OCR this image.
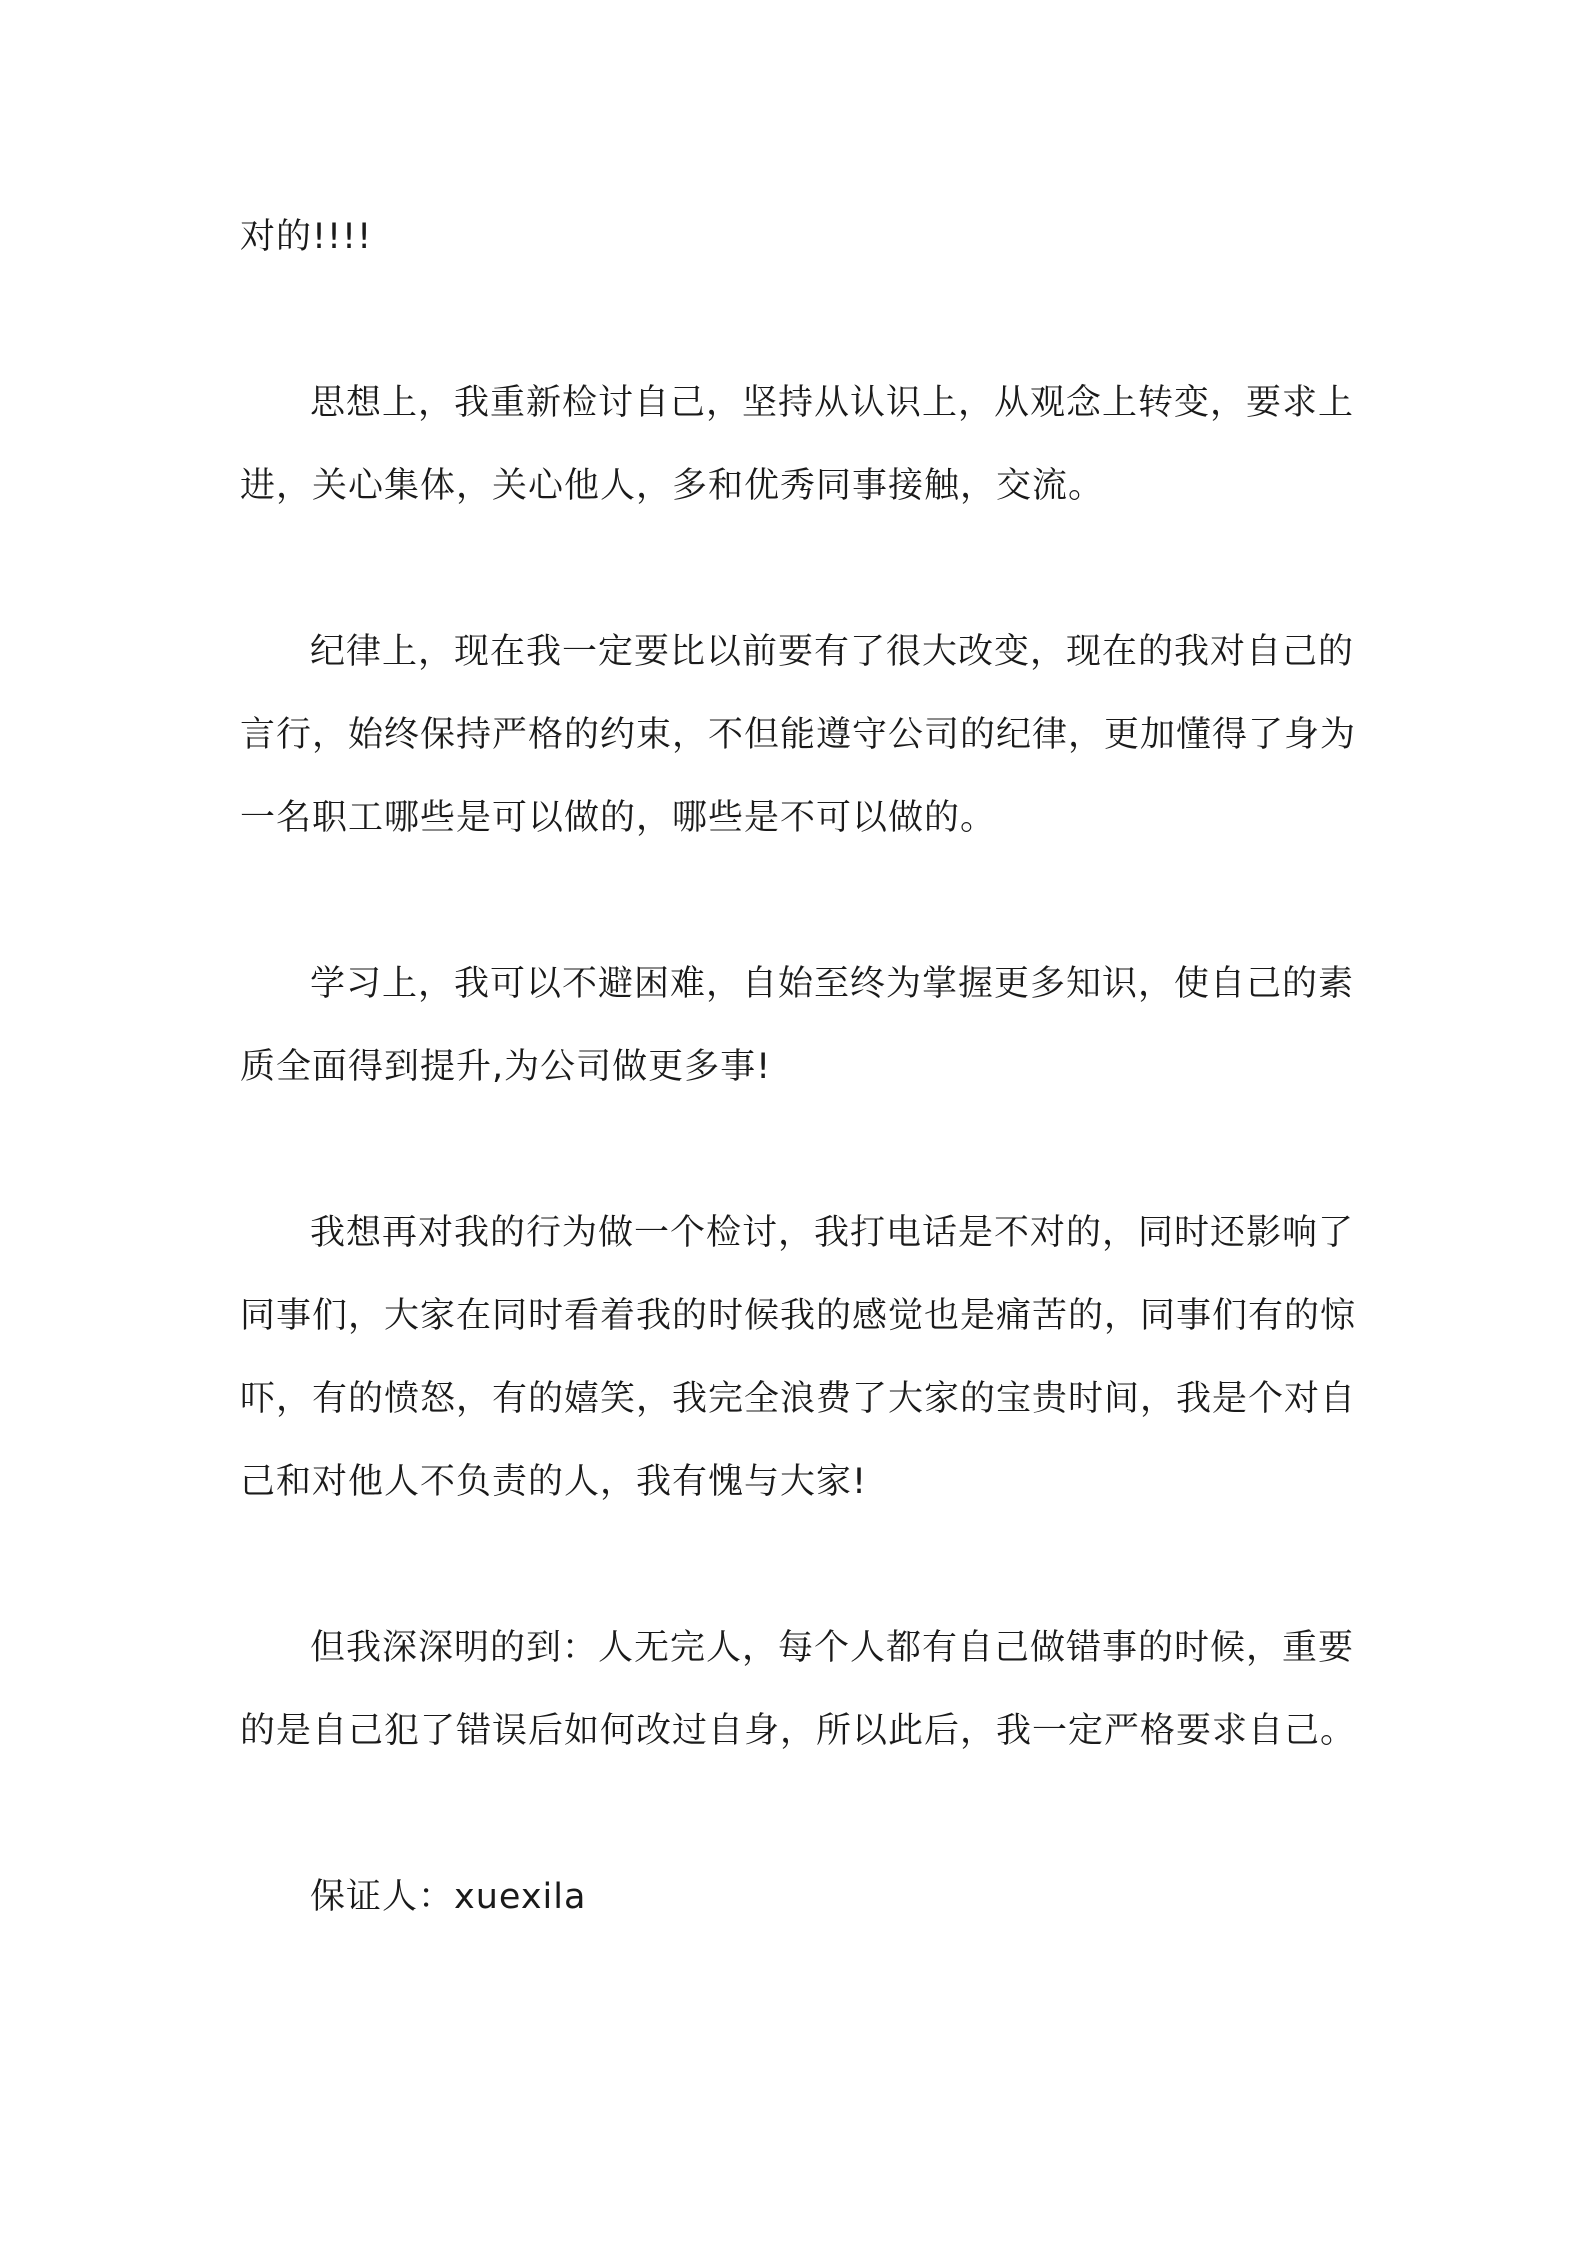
对的!!!!

思想上，我重新检讨自己，坚持从认识上，从观念上转变，要求上进，关心集体，关心他人，多和优秀同事接触，交流。

纪律上，现在我一定要比以前要有了很大改变，现在的我对自己的言行，始终保持严格的约束，不但能遵守公司的纪律，更加懂得了身为一名职工哪些是可以做的，哪些是不可以做的。

学习上，我可以不避困难，自始至终为掌握更多知识，使自己的素质全面得到提升,为公司做更多事!

我想再对我的行为做一个检讨，我打电话是不对的，同时还影响了同事们，大家在同时看着我的时候我的感觉也是痛苦的，同事们有的惊吓，有的愤怒，有的嬉笑，我完全浪费了大家的宝贵时间，我是个对自己和对他人不负责的人，我有愧与大家!

但我深深明的到：人无完人，每个人都有自己做错事的时候，重要的是自己犯了错误后如何改过自身，所以此后，我一定严格要求自己。

保证人：xuexila
